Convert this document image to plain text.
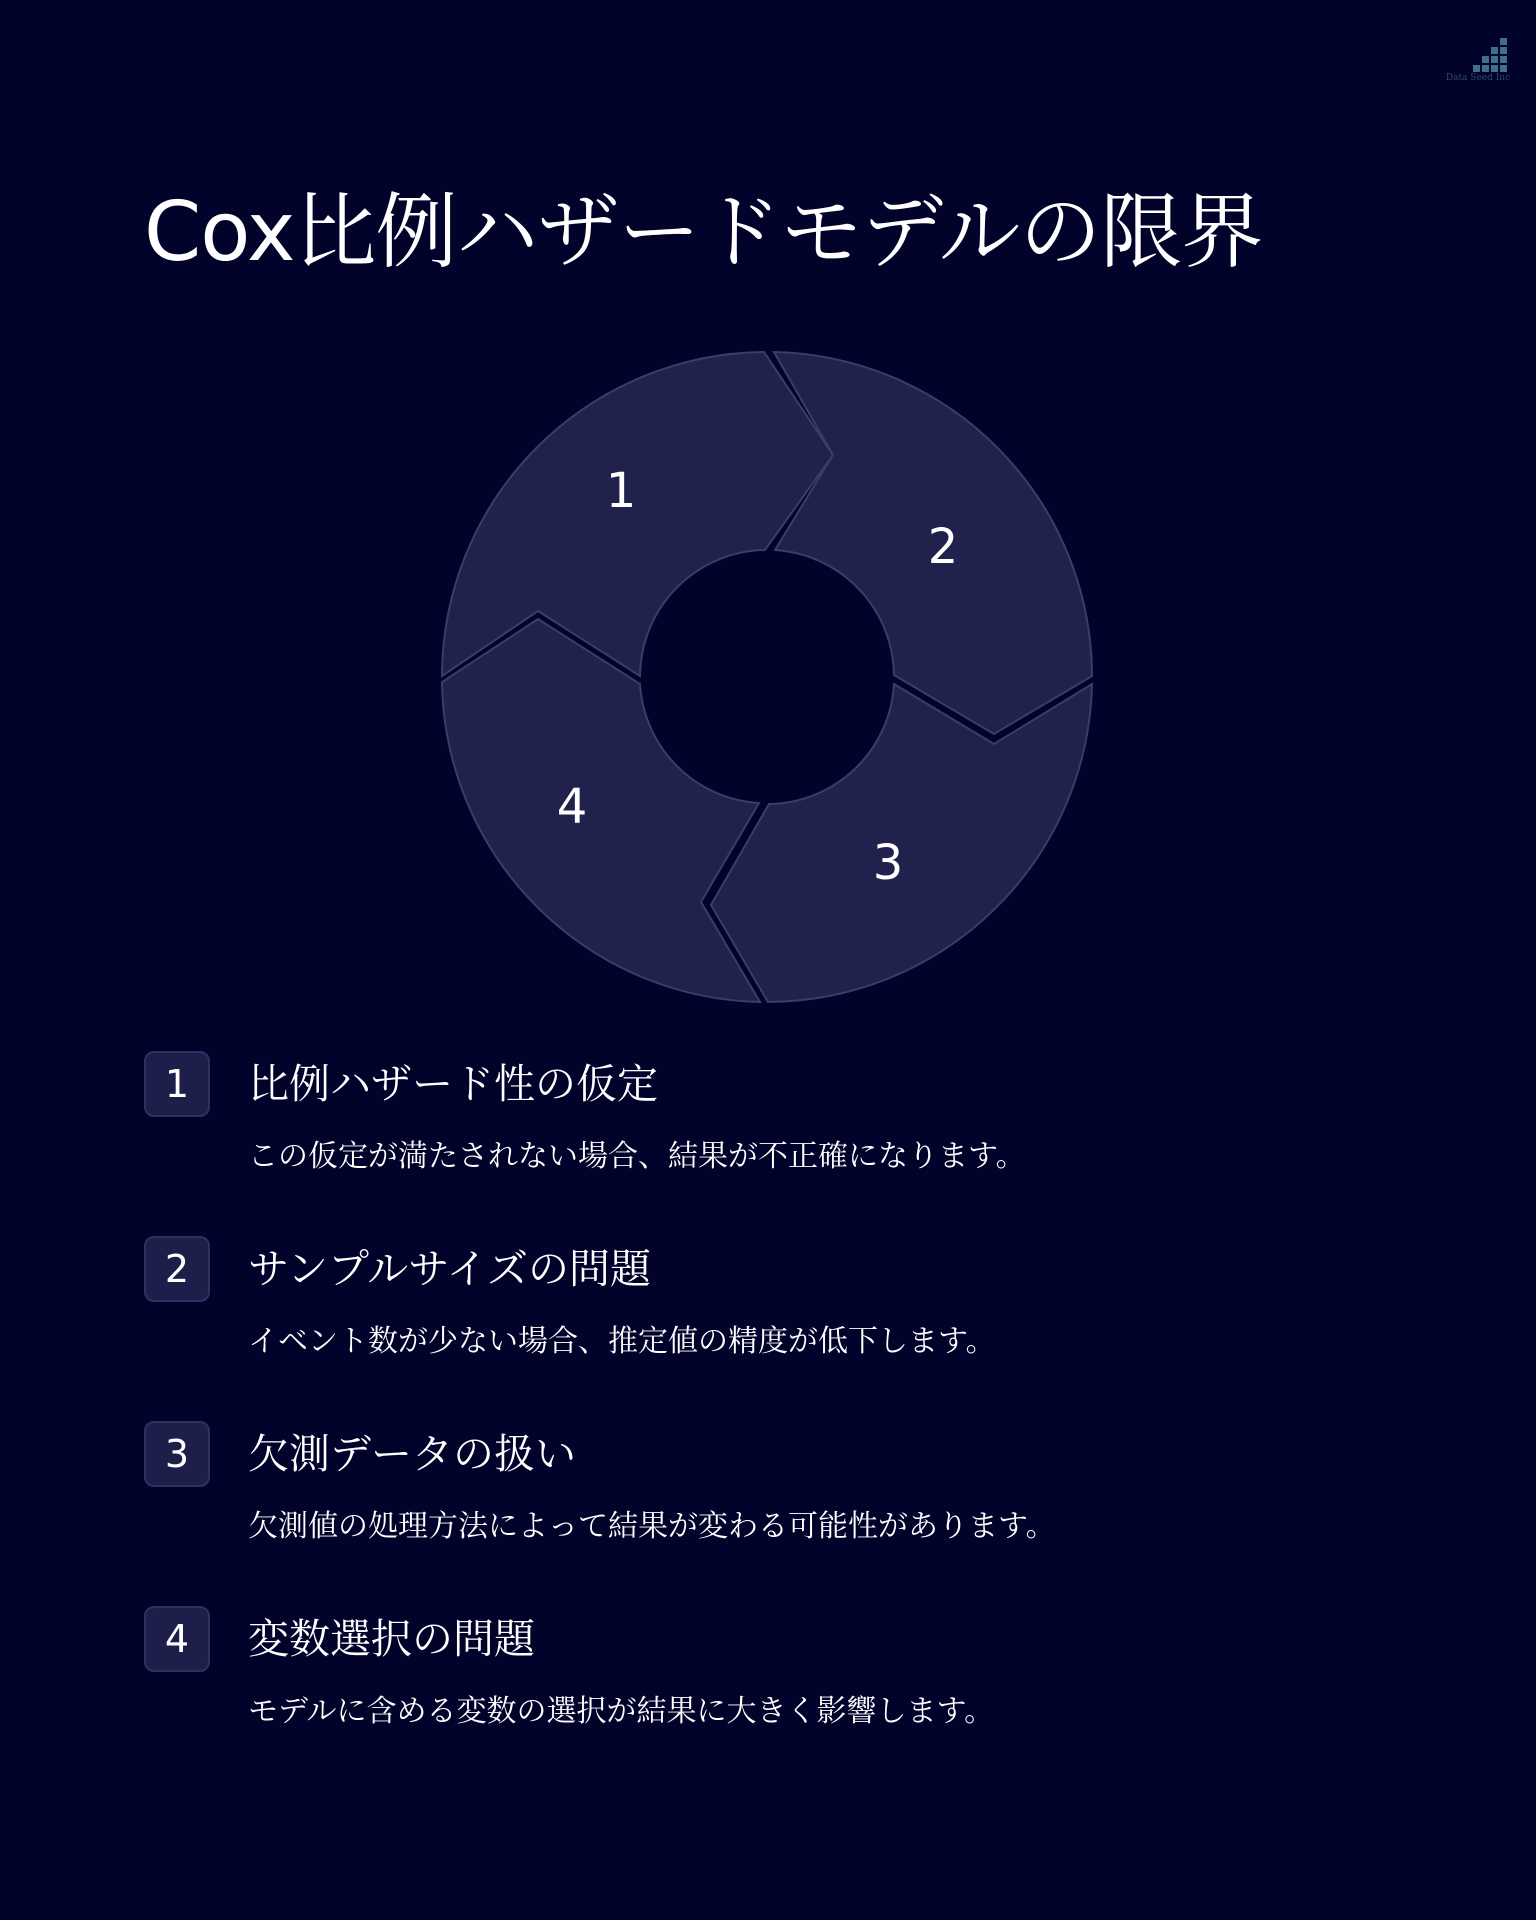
Data Seed Inc
Cox比例ハザードモデルの限界
1
2
3
4
1	比例ハザード性の仮定

この仮定が満たされない場合、結果が不正確になります。

2	サンプルサイズの問題

イベント数が少ない場合、推定値の精度が低下します。

3	欠測データの扱い

欠測値の処理方法によって結果が変わる可能性があります。

4	変数選択の問題

モデルに含める変数の選択が結果に大きく影響します。
